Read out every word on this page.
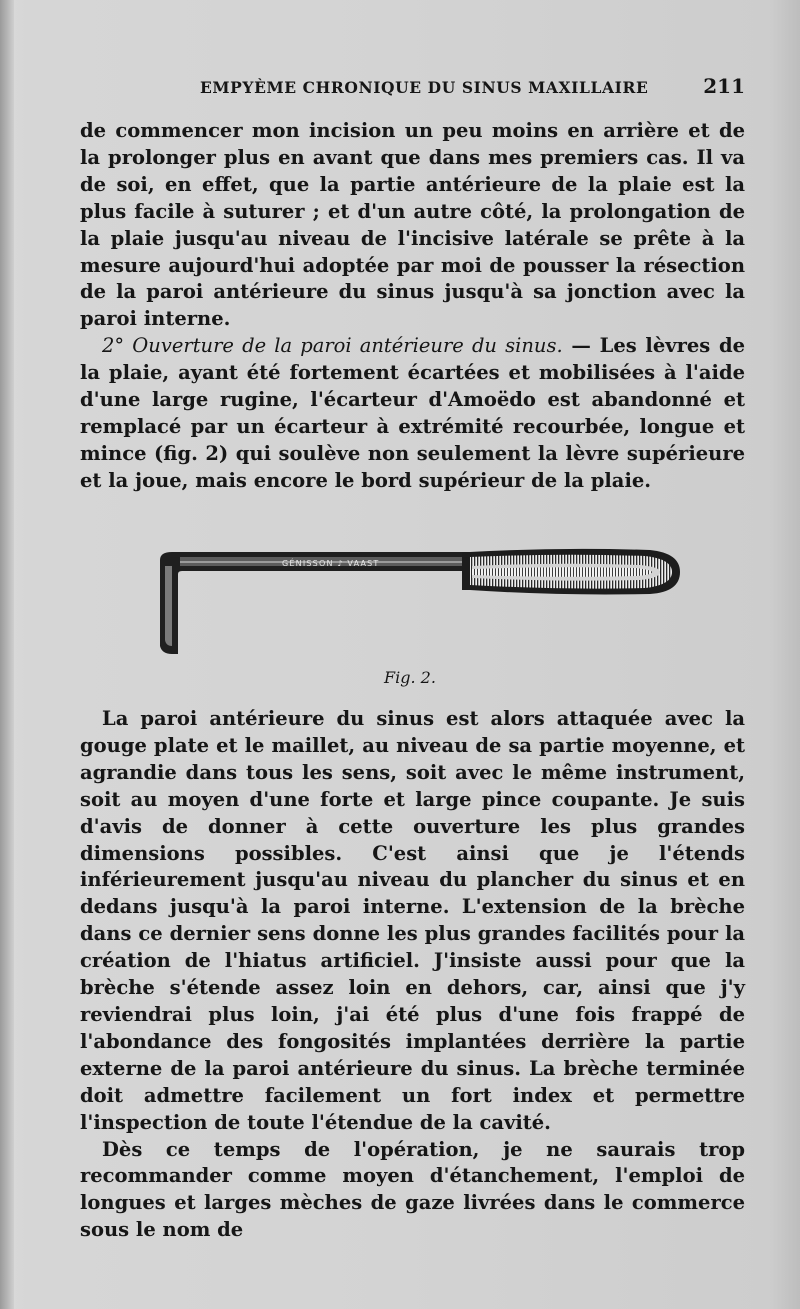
EMPYÈME CHRONIQUE DU SINUS MAXILLAIRE	211

de commencer mon incision un peu moins en arrière et de la prolonger plus en avant que dans mes premiers cas. Il va de soi, en effet, que la partie antérieure de la plaie est la plus facile à suturer ; et d'un autre côté, la prolongation de la plaie jusqu'au niveau de l'incisive latérale se prête à la mesure aujourd'hui adoptée par moi de pousser la résection de la paroi antérieure du sinus jusqu'à sa jonction avec la paroi interne.

2° Ouverture de la paroi antérieure du sinus. — Les lèvres de la plaie, ayant été fortement écartées et mobilisées à l'aide d'une large rugine, l'écarteur d'Amoëdo est abandonné et remplacé par un écarteur à extrémité recourbée, longue et mince (fig. 2) qui soulève non seulement la lèvre supérieure et la joue, mais encore le bord supérieur de la plaie.

GÉNISSON ♪ VAAST
Fig. 2.

La paroi antérieure du sinus est alors attaquée avec la gouge plate et le maillet, au niveau de sa partie moyenne, et agrandie dans tous les sens, soit avec le même instrument, soit au moyen d'une forte et large pince coupante. Je suis d'avis de donner à cette ouverture les plus grandes dimensions possibles. C'est ainsi que je l'étends inférieurement jusqu'au niveau du plancher du sinus et en dedans jusqu'à la paroi interne. L'extension de la brèche dans ce dernier sens donne les plus grandes facilités pour la création de l'hiatus artificiel. J'insiste aussi pour que la brèche s'étende assez loin en dehors, car, ainsi que j'y reviendrai plus loin, j'ai été plus d'une fois frappé de l'abondance des fongosités implantées derrière la partie externe de la paroi antérieure du sinus. La brèche terminée doit admettre facilement un fort index et permettre l'inspection de toute l'étendue de la cavité.

Dès ce temps de l'opération, je ne saurais trop recommander comme moyen d'étanchement, l'emploi de longues et larges mèches de gaze livrées dans le commerce sous le nom de
